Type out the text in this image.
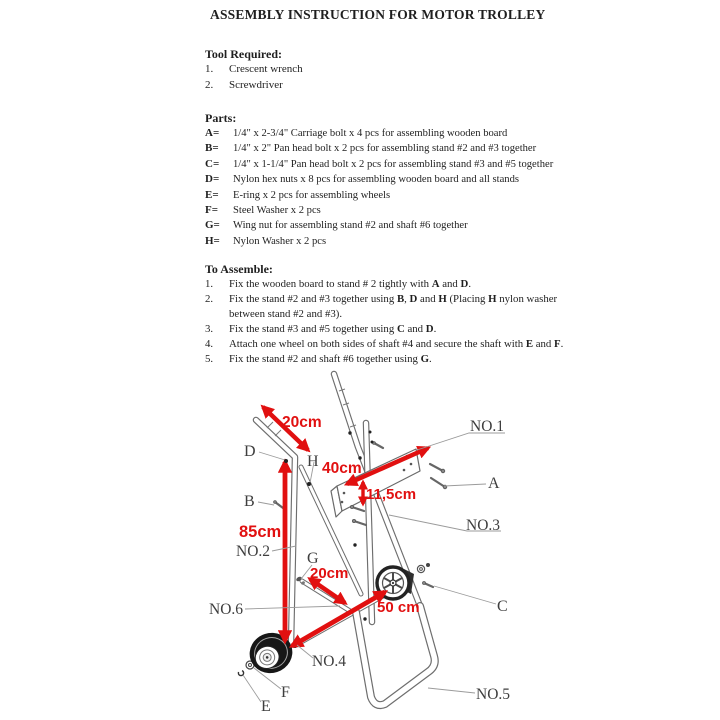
ASSEMBLY INSTRUCTION FOR MOTOR TROLLEY
Tool Required:
1.	Crescent wrench
2.	Screwdriver
Parts:
A=	1/4" x 2-3/4" Carriage bolt x 4 pcs for assembling wooden board
B=	1/4" x 2" Pan head bolt x 2 pcs for assembling stand #2 and #3 together
C=	1/4" x 1-1/4" Pan head bolt x 2 pcs for assembling stand #3 and #5 together
D=	Nylon hex nuts x 8 pcs for assembling wooden board and all stands
E=	E-ring x 2 pcs for assembling wheels
F=	Steel Washer x 2 pcs
G=	Wing nut for assembling stand #2 and shaft #6 together
H=	Nylon Washer x 2 pcs
To Assemble:
1.	Fix the wooden board to stand # 2 tightly with A and D.
2.	Fix the stand #2 and #3 together using B, D and H (Placing H nylon washer between stand #2 and #3).
3.	Fix the stand #3 and #5 together using C and D.
4.	Attach one wheel on both sides of shaft #4 and secure the shaft with E and F.
5.	Fix the stand #2 and shaft #6 together using G.
D
H
B
NO.2 G
NO.6
NO.4
F
E
NO.1
A
NO.3
C
NO.5
20cm
40cm
11,5cm
85cm
20cm
50 cm
